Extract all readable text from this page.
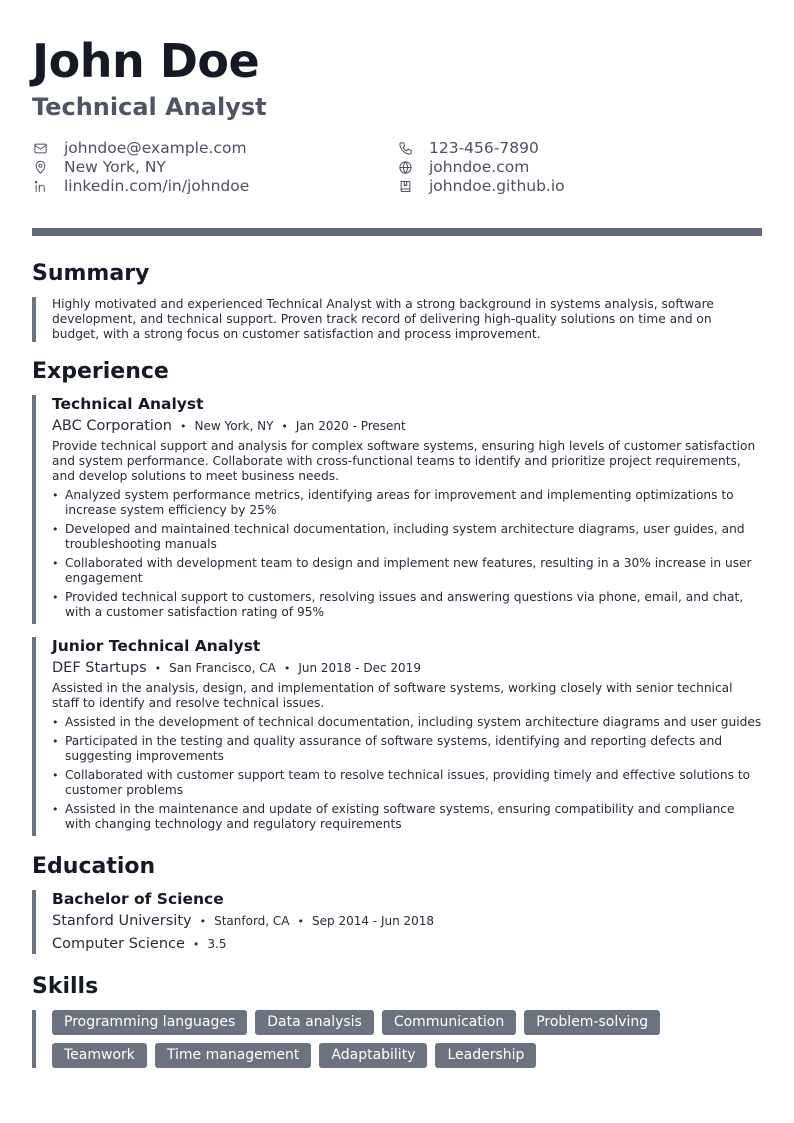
John Doe
Technical Analyst
johndoe@example.com	123-456-7890
New York, NY	johndoe.com
linkedin.com/in/johndoe	johndoe.github.io
Summary

Highly motivated and experienced Technical Analyst with a strong background in systems analysis, software development, and technical support. Proven track record of delivering high-quality solutions on time and on budget, with a strong focus on customer satisfaction and process improvement.

Experience
Technical Analyst
ABC Corporation • New York, NY • Jan 2020 - Present

Provide technical support and analysis for complex software systems, ensuring high levels of customer satisfaction and system performance. Collaborate with cross-functional teams to identify and prioritize project requirements, and develop solutions to meet business needs.

• Analyzed system performance metrics, identifying areas for improvement and implementing optimizations to increase system efficiency by 25%
• Developed and maintained technical documentation, including system architecture diagrams, user guides, and troubleshooting manuals
• Collaborated with development team to design and implement new features, resulting in a 30% increase in user engagement
• Provided technical support to customers, resolving issues and answering questions via phone, email, and chat, with a customer satisfaction rating of 95%
Junior Technical Analyst
DEF Startups • San Francisco, CA • Jun 2018 - Dec 2019

Assisted in the analysis, design, and implementation of software systems, working closely with senior technical staff to identify and resolve technical issues.

• Assisted in the development of technical documentation, including system architecture diagrams and user guides
• Participated in the testing and quality assurance of software systems, identifying and reporting defects and suggesting improvements
• Collaborated with customer support team to resolve technical issues, providing timely and effective solutions to customer problems
• Assisted in the maintenance and update of existing software systems, ensuring compatibility and compliance with changing technology and regulatory requirements
Education
Bachelor of Science
Stanford University • Stanford, CA • Sep 2014 - Jun 2018
Computer Science • 3.5
Skills
Programming languages	Data analysis	Communication	Problem-solving
Teamwork	Time management	Adaptability	Leadership
